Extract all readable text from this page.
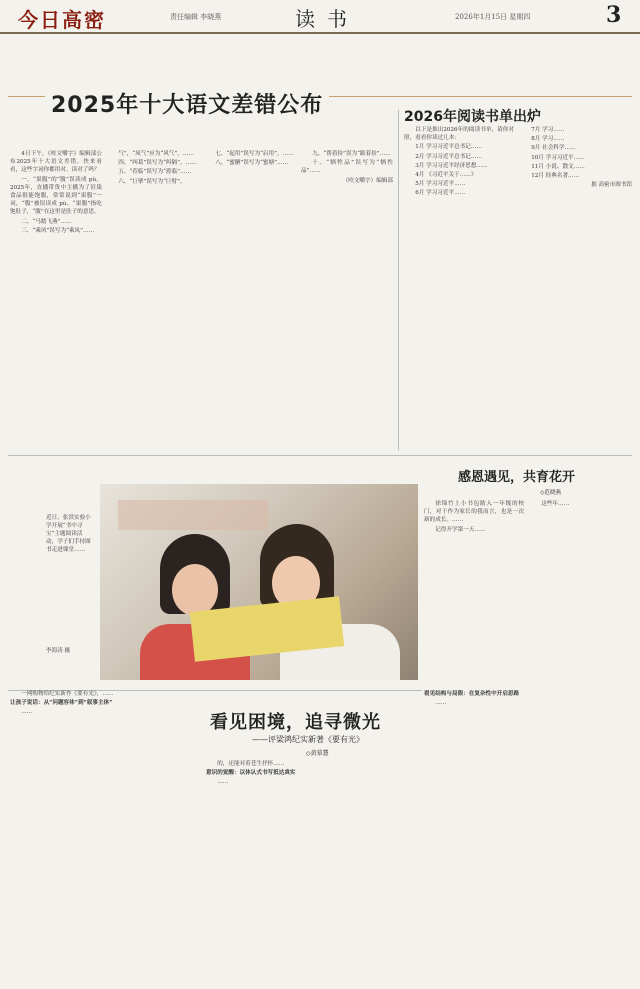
今日高密	责任编辑 李晓燕	读书	2026年1月15日 星期四	3
2025年十大语文差错公布	2026年阅读书单出炉

4日下午，《咬文嚼字》编辑部公布2025年十大语文差错。快来看看，这些字词你都用对、读对了吗？

一、“果腹”的“腹”误读成 pù。2025年，直播带货中主播为了渲染食品很能饱腹，常常说到“果腹”一词，“腹”被误读成 pù。“果腹”指吃饱肚子，“腹”在这里是肚子的意思。

二、“马踏飞燕”……

三、“乘风”误写为“乘凤”……

气”，“凤气”应为“风气”，……

四、“纠葛”误写为“纠隔”。……

五、“莅临”误写为“蒞临”……

六、“巨擘”误写为“巨臂”。

七、“起用”误写为“启用”。……

八、“蜜糖”误写为“蜜塘”……

九、“帮着捡”误为“跋着捡”……

十、“牺牲品”误写为“牺性品”……

（咬文嚼字）编辑部

以下是推出2026年的阅读书单，请你对照，看看你读过几本：

1月 学习习近平总书记……

2月 学习习近平总书记……

3月 学习习近平经济思想……

4月 《习近平关于……》

5月 学习习近平……

6月 学习习近平……

7月 学习……

8月 学习……

9月 社会科学……

10月 学习习近平……

11月 小说、散文……

12月 经典名著……

据 高密市图书馆

近日，张洪实验小学开展“书中寻宝”主题阅读活动，学子们手持图书走进课堂……
李海涛 摄
感恩遇见，共育花开
◇范晓燕

徐锦竹上小书包踏入一年级的校门，对于作为家长的我而言，也是一次新的成长。……

记得开学第一天……

这些年……

看见困境，追寻微光
——评梁鸿纪实新著《要有光》
◇黄慕慧

一网购物给纪实新作《要有光》，……

让孩子说话：从“问题容体”到“叙事主体”

……

的，还能对着苍生抒怀……

意识的觉醒：以体认式书写抵达真实

……

看见结构与局限：在复杂性中开启思路

……
